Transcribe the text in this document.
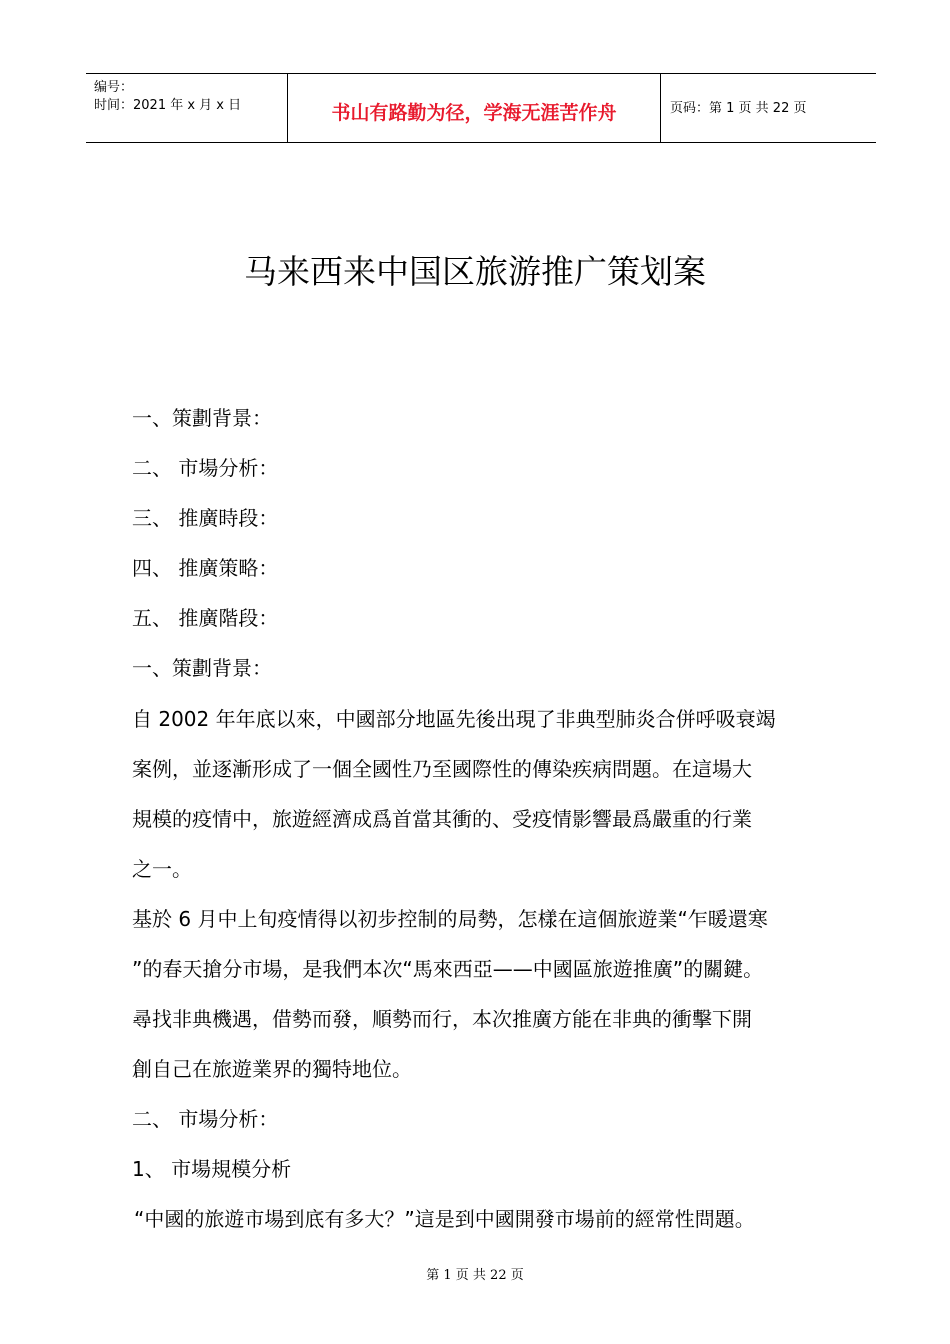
编号：
时间：2021 年 x 月 x 日	书山有路勤为径，学海无涯苦作舟	页码：第 1 页 共 22 页
马来西来中国区旅游推广策划案
一、策劃背景：
二、 市場分析：
三、 推廣時段：
四、 推廣策略：
五、 推廣階段：
一、策劃背景：
自 2002 年年底以來，中國部分地區先後出現了非典型肺炎合併呼吸衰竭
案例，並逐漸形成了一個全國性乃至國際性的傳染疾病問題。在這場大
規模的疫情中，旅遊經濟成爲首當其衝的、受疫情影響最爲嚴重的行業
之一。
基於 6 月中上旬疫情得以初步控制的局勢，怎樣在這個旅遊業“乍暖還寒
”的春天搶分市場，是我們本次“馬來西亞——中國區旅遊推廣”的關鍵。
尋找非典機遇，借勢而發，順勢而行，本次推廣方能在非典的衝擊下開
創自己在旅遊業界的獨特地位。
二、 市場分析：
1、 市場規模分析
“中國的旅遊市場到底有多大？”這是到中國開發市場前的經常性問題。
第 1 页 共 22 页
